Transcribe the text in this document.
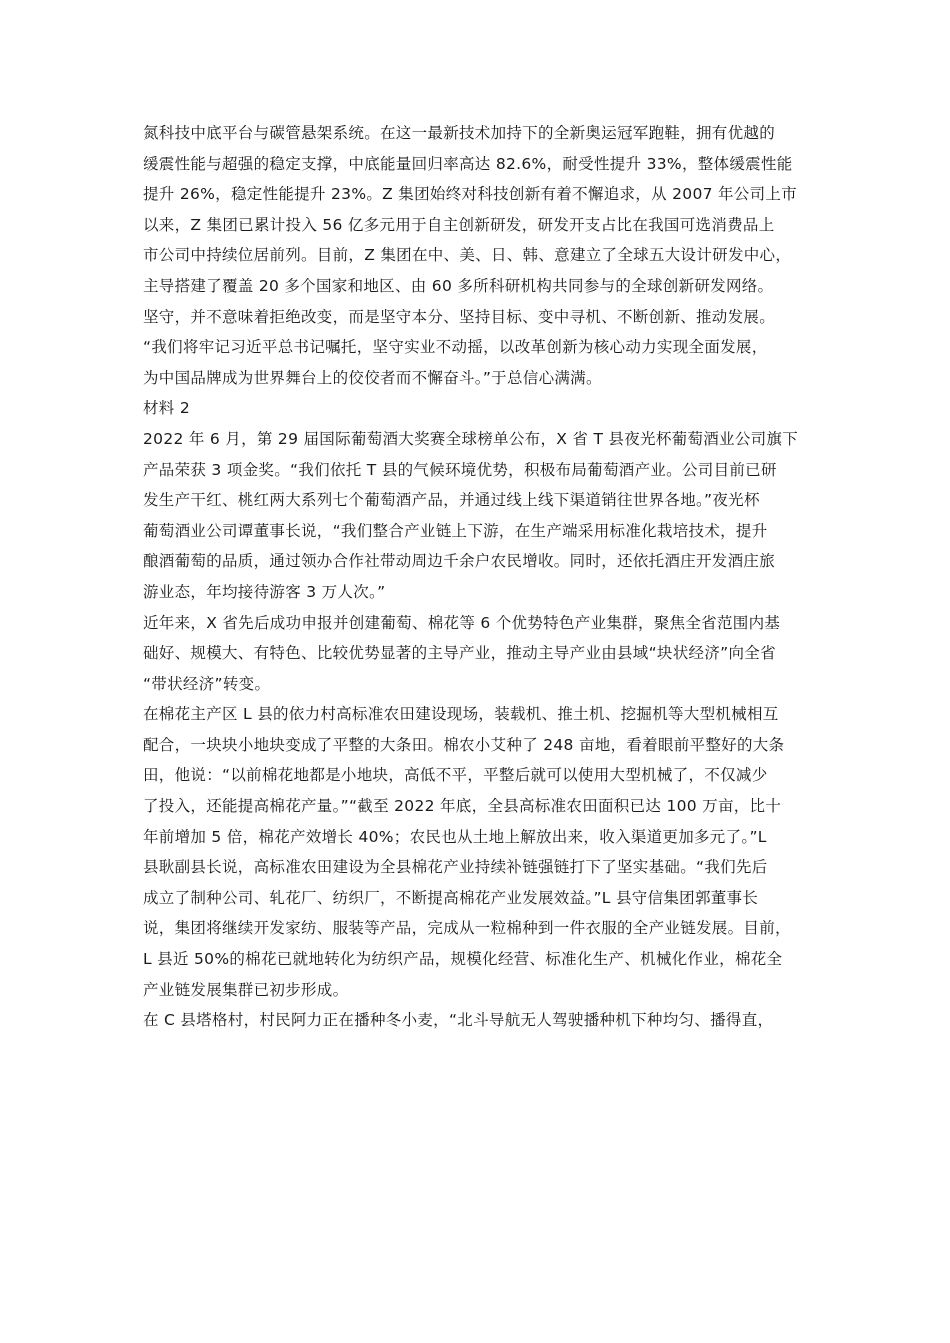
氮科技中底平台与碳管悬架系统。在这一最新技术加持下的全新奥运冠军跑鞋，拥有优越的
缓震性能与超强的稳定支撑，中底能量回归率高达 82.6%，耐受性提升 33%，整体缓震性能
提升 26%，稳定性能提升 23%。Z 集团始终对科技创新有着不懈追求，从 2007 年公司上市
以来，Z 集团已累计投入 56 亿多元用于自主创新研发，研发开支占比在我国可选消费品上
市公司中持续位居前列。目前，Z 集团在中、美、日、韩、意建立了全球五大设计研发中心，
主导搭建了覆盖 20 多个国家和地区、由 60 多所科研机构共同参与的全球创新研发网络。
坚守，并不意味着拒绝改变，而是坚守本分、坚持目标、变中寻机、不断创新、推动发展。
“我们将牢记习近平总书记嘱托，坚守实业不动摇，以改革创新为核心动力实现全面发展，
为中国品牌成为世界舞台上的佼佼者而不懈奋斗。”于总信心满满。
材料 2
2022 年 6 月，第 29 届国际葡萄酒大奖赛全球榜单公布，X 省 T 县夜光杯葡萄酒业公司旗下
产品荣获 3 项金奖。“我们依托 T 县的气候环境优势，积极布局葡萄酒产业。公司目前已研
发生产干红、桃红两大系列七个葡萄酒产品，并通过线上线下渠道销往世界各地。”夜光杯
葡萄酒业公司谭董事长说，“我们整合产业链上下游，在生产端采用标准化栽培技术，提升
酿酒葡萄的品质，通过领办合作社带动周边千余户农民增收。同时，还依托酒庄开发酒庄旅
游业态，年均接待游客 3 万人次。”
近年来，X 省先后成功申报并创建葡萄、棉花等 6 个优势特色产业集群，聚焦全省范围内基
础好、规模大、有特色、比较优势显著的主导产业，推动主导产业由县域“块状经济”向全省
“带状经济”转变。
在棉花主产区 L 县的依力村高标准农田建设现场，装载机、推土机、挖掘机等大型机械相互
配合，一块块小地块变成了平整的大条田。棉农小艾种了 248 亩地，看着眼前平整好的大条
田，他说：“以前棉花地都是小地块，高低不平，平整后就可以使用大型机械了，不仅减少
了投入，还能提高棉花产量。”“截至 2022 年底，全县高标准农田面积已达 100 万亩，比十
年前增加 5 倍，棉花产效增长 40%；农民也从土地上解放出来，收入渠道更加多元了。”L
县耿副县长说，高标准农田建设为全县棉花产业持续补链强链打下了坚实基础。“我们先后
成立了制种公司、轧花厂、纺织厂，不断提高棉花产业发展效益。”L 县守信集团郭董事长
说，集团将继续开发家纺、服装等产品，完成从一粒棉种到一件衣服的全产业链发展。目前，
L 县近 50%的棉花已就地转化为纺织产品，规模化经营、标准化生产、机械化作业，棉花全
产业链发展集群已初步形成。
在 C 县塔格村，村民阿力正在播种冬小麦，“北斗导航无人驾驶播种机下种均匀、播得直，
